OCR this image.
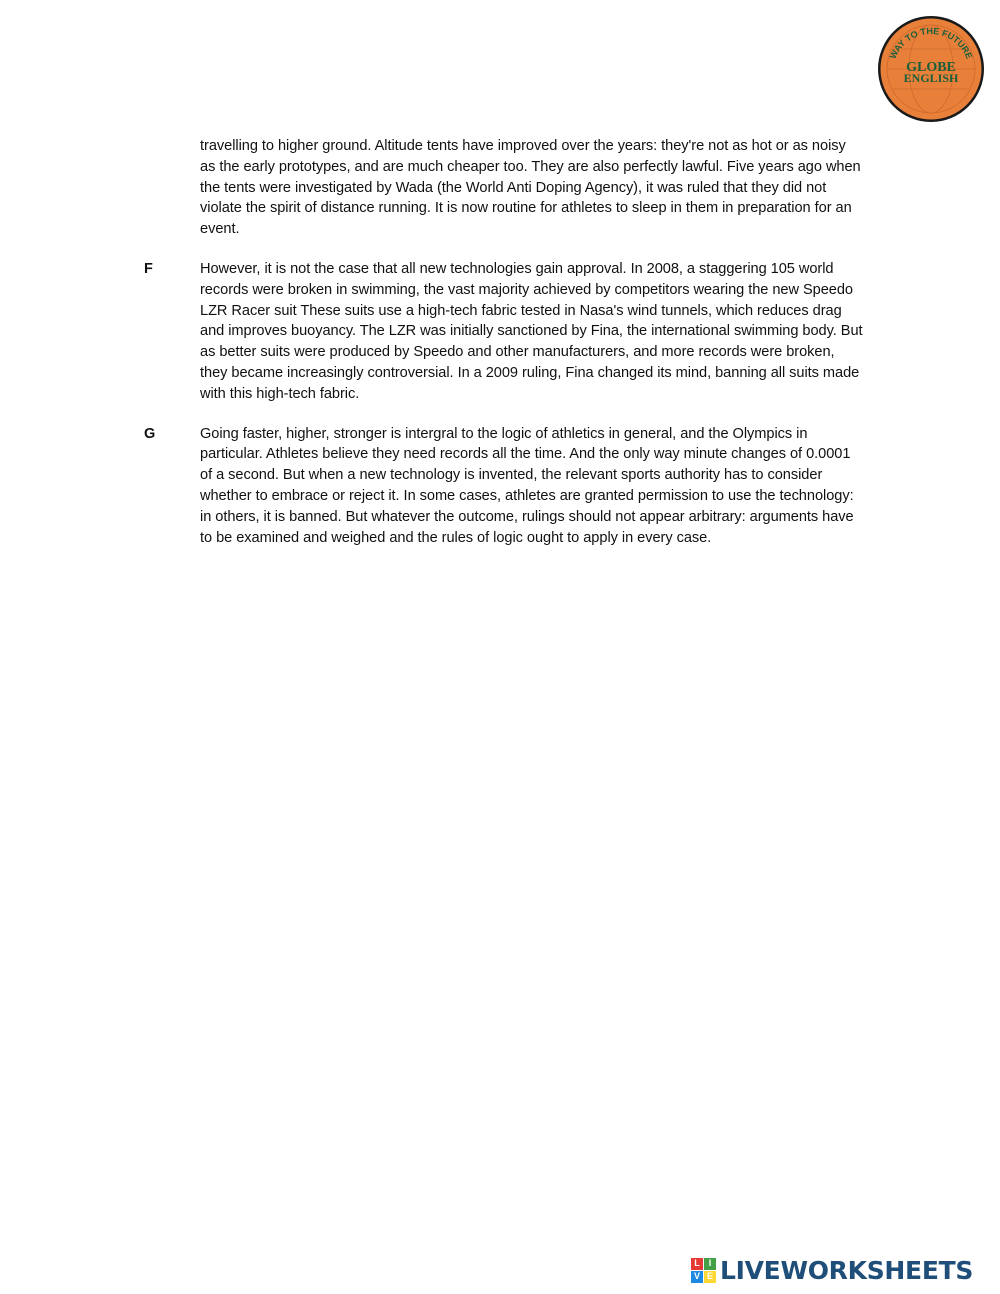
WAY TO THE FUTURE
GLOBE
ENGLISH
travelling to higher ground. Altitude tents have improved over the years: they're not as hot or as noisy as the early prototypes, and are much cheaper too. They are also perfectly lawful. Five years ago when the tents were investigated by Wada (the World Anti Doping Agency), it was ruled that they did not violate the spirit of distance running. It is now routine for athletes to sleep in them in preparation for an event.
F	However, it is not the case that all new technologies gain approval. In 2008, a staggering 105 world records were broken in swimming, the vast majority achieved by competitors wearing the new Speedo LZR Racer suit These suits use a high-tech fabric tested in Nasa's wind tunnels, which reduces drag and improves buoyancy. The LZR was initially sanctioned by Fina, the international swimming body. But as better suits were produced by Speedo and other manufacturers, and more records were broken, they became increasingly controversial. In a 2009 ruling, Fina changed its mind, banning all suits made with this high-tech fabric.
G	Going faster, higher, stronger is intergral to the logic of athletics in general, and the Olympics in particular. Athletes believe they need records all the time. And the only way minute changes of 0.0001 of a second. But when a new technology is invented, the relevant sports authority has to consider whether to embrace or reject it. In some cases, athletes are granted permission to use the technology: in others, it is banned. But whatever the outcome, rulings should not appear arbitrary: arguments have to be examined and weighed and the rules of logic ought to apply in every case.
L I
V E LIVEWORKSHEETS
